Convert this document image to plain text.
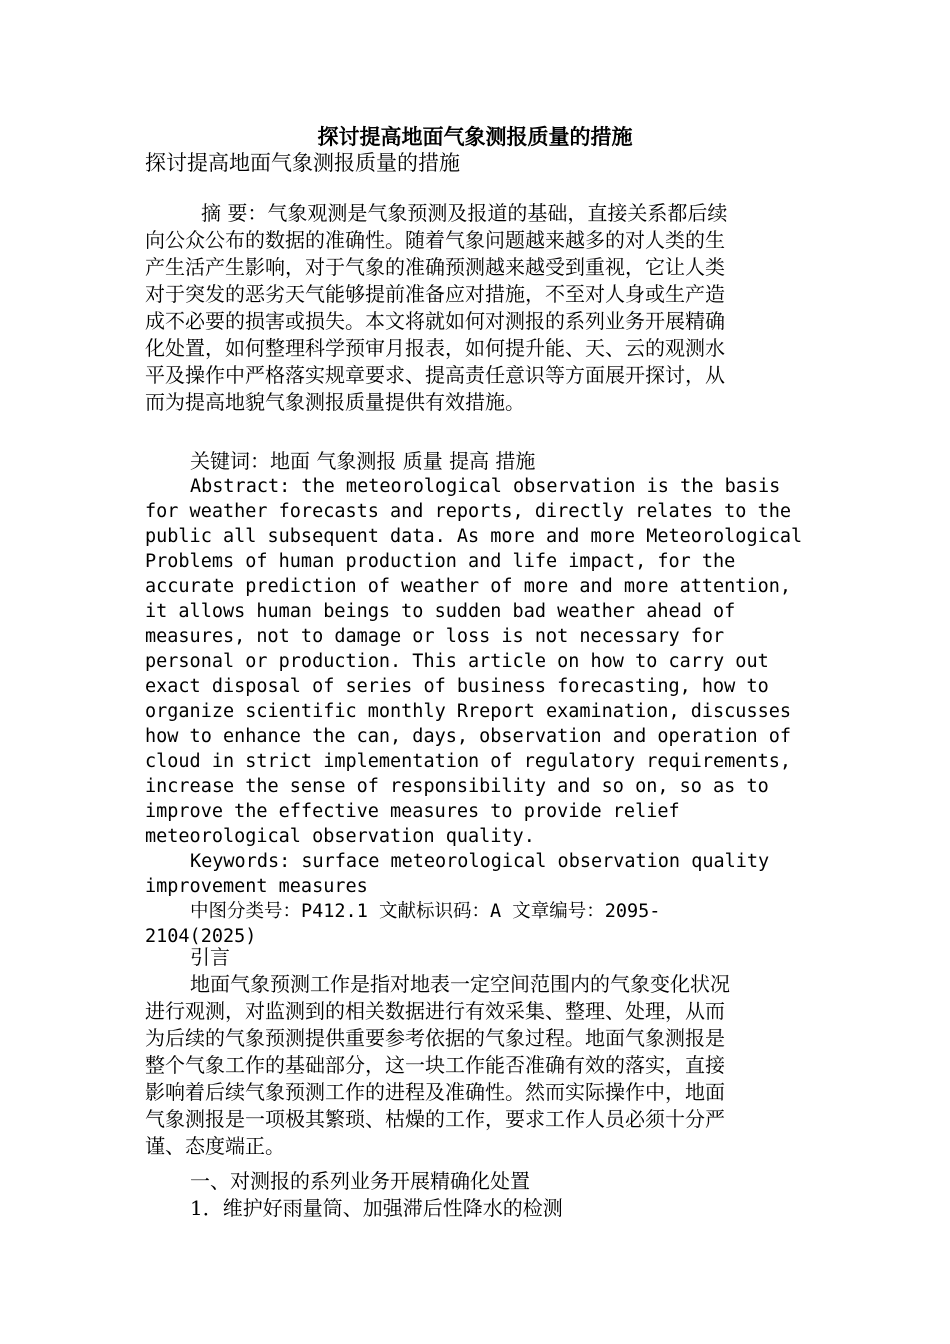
探讨提高地面气象测报质量的措施
探讨提高地面气象测报质量的措施
摘 要：气象观测是气象预测及报道的基础，直接关系都后续
向公众公布的数据的准确性。随着气象问题越来越多的对人类的生
产生活产生影响，对于气象的准确预测越来越受到重视，它让人类
对于突发的恶劣天气能够提前准备应对措施，不至对人身或生产造
成不必要的损害或损失。本文将就如何对测报的系列业务开展精确
化处置，如何整理科学预审月报表，如何提升能、天、云的观测水
平及操作中严格落实规章要求、提高责任意识等方面展开探讨，从
而为提高地貌气象测报质量提供有效措施。
关键词：地面 气象测报 质量 提高 措施
Abstract: the meteorological observation is the basis
for weather forecasts and reports, directly relates to the
public all subsequent data. As more and more Meteorological
Problems of human production and life impact, for the
accurate prediction of weather of more and more attention,
it allows human beings to sudden bad weather ahead of
measures, not to damage or loss is not necessary for
personal or production. This article on how to carry out
exact disposal of series of business forecasting, how to
organize scientific monthly Rreport examination, discusses
how to enhance the can, days, observation and operation of
cloud in strict implementation of regulatory requirements,
increase the sense of responsibility and so on, so as to
improve the effective measures to provide relief
meteorological observation quality.
Keywords: surface meteorological observation quality
improvement measures
中图分类号：P412.1 文献标识码：A 文章编号：2095-
2104(2025)
引言
地面气象预测工作是指对地表一定空间范围内的气象变化状况
进行观测，对监测到的相关数据进行有效采集、整理、处理，从而
为后续的气象预测提供重要参考依据的气象过程。地面气象测报是
整个气象工作的基础部分，这一块工作能否准确有效的落实，直接
影响着后续气象预测工作的进程及准确性。然而实际操作中，地面
气象测报是一项极其繁琐、枯燥的工作，要求工作人员必须十分严
谨、态度端正。
一、对测报的系列业务开展精确化处置
1．维护好雨量筒、加强滞后性降水的检测
